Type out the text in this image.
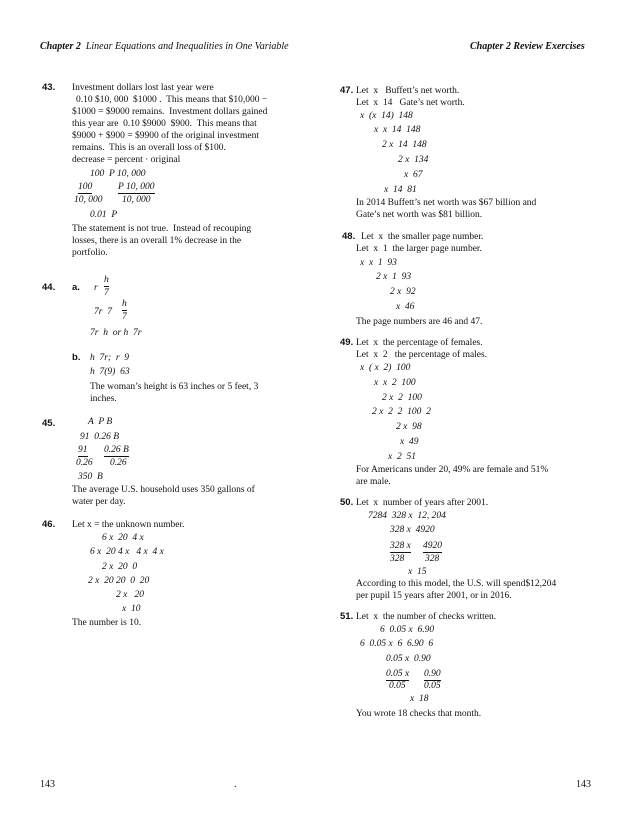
Chapter 2 Linear Equations and Inequalities in One Variable	Chapter 2 Review Exercises
43. Investment dollars lost last year were
0.10 $10, 000  $1000 .  This means that $10,000 −
$1000 = $9000 remains.  Investment dollars gained
this year are  0.10 $9000  $900.  This means that
$9000 + $900 = $9900 of the original investment
remains.  This is an overall loss of $100.
decrease = percent · original
100  P 10, 000
100	P 10, 000
10, 000 10, 000
0.01  P
The statement is not true.  Instead of recouping
losses, there is an overall 1% decrease in the
portfolio.
44. a. r
h
7
7r  7
h
7
7r  h  or h  7r
b. h  7r;  r  9
h  7(9)  63
The woman’s height is 63 inches or 5 feet, 3
inches.
45.	A  P B
91  0.26 B
91 0.26 B
0.26 0.26
350  B
The average U.S. household uses 350 gallons of
water per day.
46. Let x = the unknown number.
6 x  20  4 x
6 x  20 4 x   4 x  4 x
2 x  20  0
2 x  20 20  0  20
2 x   20
x  10
The number is 10.
47. Let  x   Buffett’s net worth.
Let  x  14   Gate’s net worth.
x  (x  14)  148
x  x  14  148
2 x  14  148
2 x  134
x  67
x  14  81
In 2014 Buffett’s net worth was $67 billion and
Gate’s net worth was $81 billion.
48. Let  x  the smaller page number.
Let  x  1  the larger page number.
x  x  1  93
2 x  1  93
2 x  92
x  46
The page numbers are 46 and 47.
49. Let  x  the percentage of females.
Let  x  2   the percentage of males.
x  ( x  2)  100
x  x  2  100
2 x  2  100
2 x  2  2  100  2
2 x  98
x  49
x  2  51
For Americans under 20, 49% are female and 51%
are male.
50. Let  x  number of years after 2001.
7284  328 x  12, 204
328 x  4920
328 x 4920
328 328
x  15
According to this model, the U.S. will spend$12,204
per pupil 15 years after 2001, or in 2016.
51. Let  x  the number of checks written.
6  0.05 x  6.90
6  0.05 x  6  6.90  6
0.05 x  0.90
0.05 x 0.90
0.05 0.05
x  18
You wrote 18 checks that month.
143	.	143
